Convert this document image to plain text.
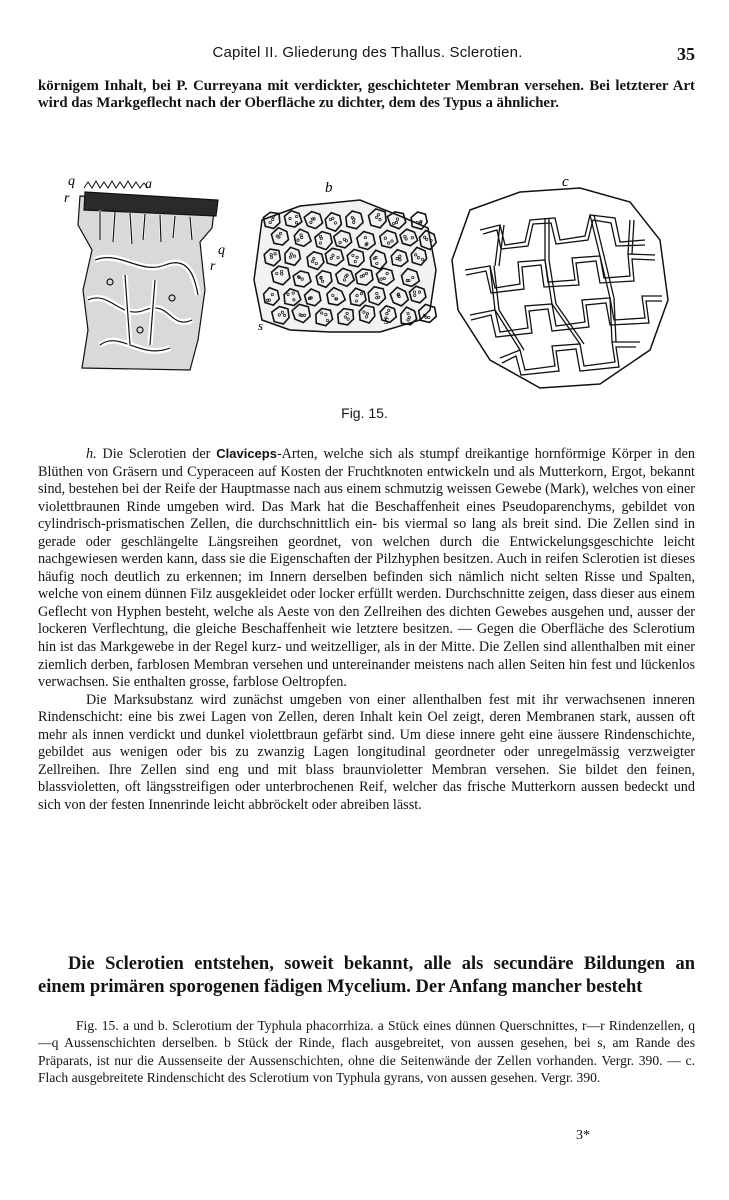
Capitel II. Gliederung des Thallus. Sclerotien.	35

körnigem Inhalt, bei P. Curreyana mit verdickter, geschichteter Membran versehen. Bei letzterer Art wird das Markgeflecht nach der Oberfläche zu dichter, dem des Typus a ähnlicher.

a
q
r
q
r
b
s	s
c
Fig. 15.

h. Die Sclerotien der Claviceps-Arten, welche sich als stumpf dreikantige hornförmige Körper in den Blüthen von Gräsern und Cyperaceen auf Kosten der Fruchtknoten entwickeln und als Mutterkorn, Ergot, bekannt sind, bestehen bei der Reife der Hauptmasse nach aus einem schmutzig weissen Gewebe (Mark), welches von einer violettbraunen Rinde umgeben wird. Das Mark hat die Beschaffenheit eines Pseudoparenchyms, gebildet von cylindrisch-prismatischen Zellen, die durchschnittlich ein- bis viermal so lang als breit sind. Die Zellen sind in gerade oder geschlängelte Längsreihen geordnet, von welchen durch die Entwickelungsgeschichte leicht nachgewiesen werden kann, dass sie die Eigenschaften der Pilzhyphen besitzen. Auch in reifen Sclerotien ist dieses häufig noch deutlich zu erkennen; im Innern derselben befinden sich nämlich nicht selten Risse und Spalten, welche von einem dünnen Filz ausgekleidet oder locker erfüllt werden. Durchschnitte zeigen, dass dieser aus einem Geflecht von Hyphen besteht, welche als Aeste von den Zellreihen des dichten Gewebes ausgehen und, ausser der lockeren Verflechtung, die gleiche Beschaffenheit wie letztere besitzen. — Gegen die Oberfläche des Sclerotium hin ist das Markgewebe in der Regel kurz- und weitzelliger, als in der Mitte. Die Zellen sind allenthalben mit einer ziemlich derben, farblosen Membran versehen und untereinander meistens nach allen Seiten hin fest und lückenlos verwachsen. Sie enthalten grosse, farblose Oeltropfen.

Die Marksubstanz wird zunächst umgeben von einer allenthalben fest mit ihr verwachsenen inneren Rindenschicht: eine bis zwei Lagen von Zellen, deren Inhalt kein Oel zeigt, deren Membranen stark, aussen oft mehr als innen verdickt und dunkel violettbraun gefärbt sind. Um diese innere geht eine äussere Rindenschichte, gebildet aus wenigen oder bis zu zwanzig Lagen longitudinal geordneter oder unregelmässig verzweigter Zellreihen. Ihre Zellen sind eng und mit blass braunvioletter Membran versehen. Sie bildet den feinen, blassvioletten, oft längsstreifigen oder unterbrochenen Reif, welcher das frische Mutterkorn aussen bedeckt und sich von der festen Innenrinde leicht abbröckelt oder abreiben lässt.

Die Sclerotien entstehen, soweit bekannt, alle als secundäre Bildungen an einem primären sporogenen fädigen Mycelium. Der Anfang mancher besteht

Fig. 15. a und b. Sclerotium der Typhula phacorrhiza. a Stück eines dünnen Querschnittes, r—r Rindenzellen, q—q Aussenschichten derselben. b Stück der Rinde, flach ausgebreitet, von aussen gesehen, bei s, am Rande des Präparats, ist nur die Aussenseite der Aussenschichten, ohne die Seitenwände der Zellen vorhanden. Vergr. 390. — c. Flach ausgebreitete Rindenschicht des Sclerotium von Typhula gyrans, von aussen gesehen. Vergr. 390.

3*
